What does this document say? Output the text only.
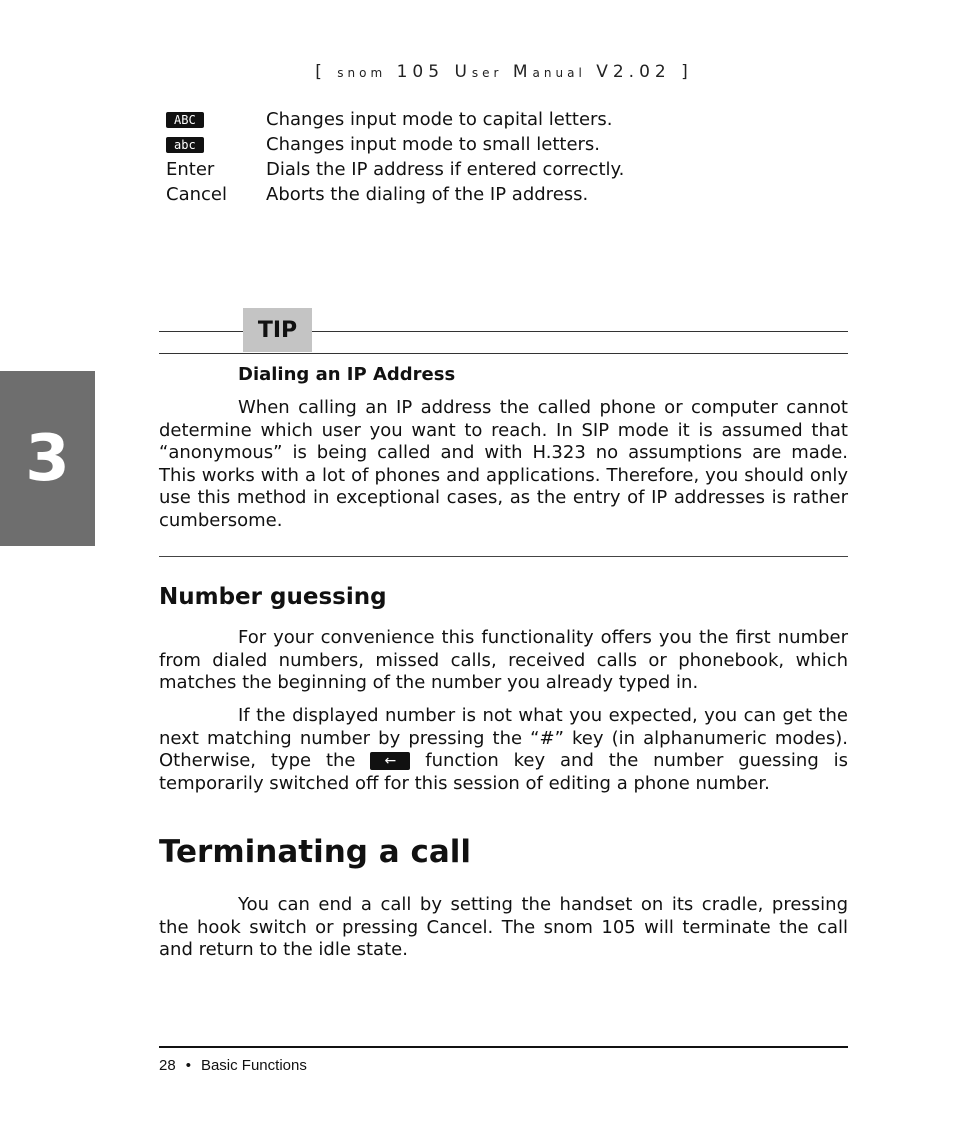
[ snom 105 User Manual V2.02 ]
ABC	Changes input mode to capital letters.
abc	Changes input mode to small letters.
Enter	Dials the IP address if entered correctly.
Cancel	Aborts the dialing of the IP address.
TIP
Dialing an IP Address
When calling an IP address the called phone or computer cannot determine which user you want to reach. In SIP mode it is assumed that “anonymous” is being called and with H.323 no assumptions are made. This works with a lot of phones and applications. Therefore, you should only use this method in exceptional cases, as the entry of IP addresses is rather cumbersome.
3
Number guessing
For your convenience this functionality offers you the first number from dialed numbers, missed calls, received calls or phonebook, which matches the beginning of the number you already typed in.
If the displayed number is not what you expected, you can get the next matching number by pressing the “#” key (in alphanumeric modes). Otherwise, type the ← function key and the number guessing is temporarily switched off for this session of editing a phone number.
Terminating a call
You can end a call by setting the handset on its cradle, pressing the hook switch or pressing Cancel. The snom 105 will terminate the call and return to the idle state.
28 • Basic Functions
